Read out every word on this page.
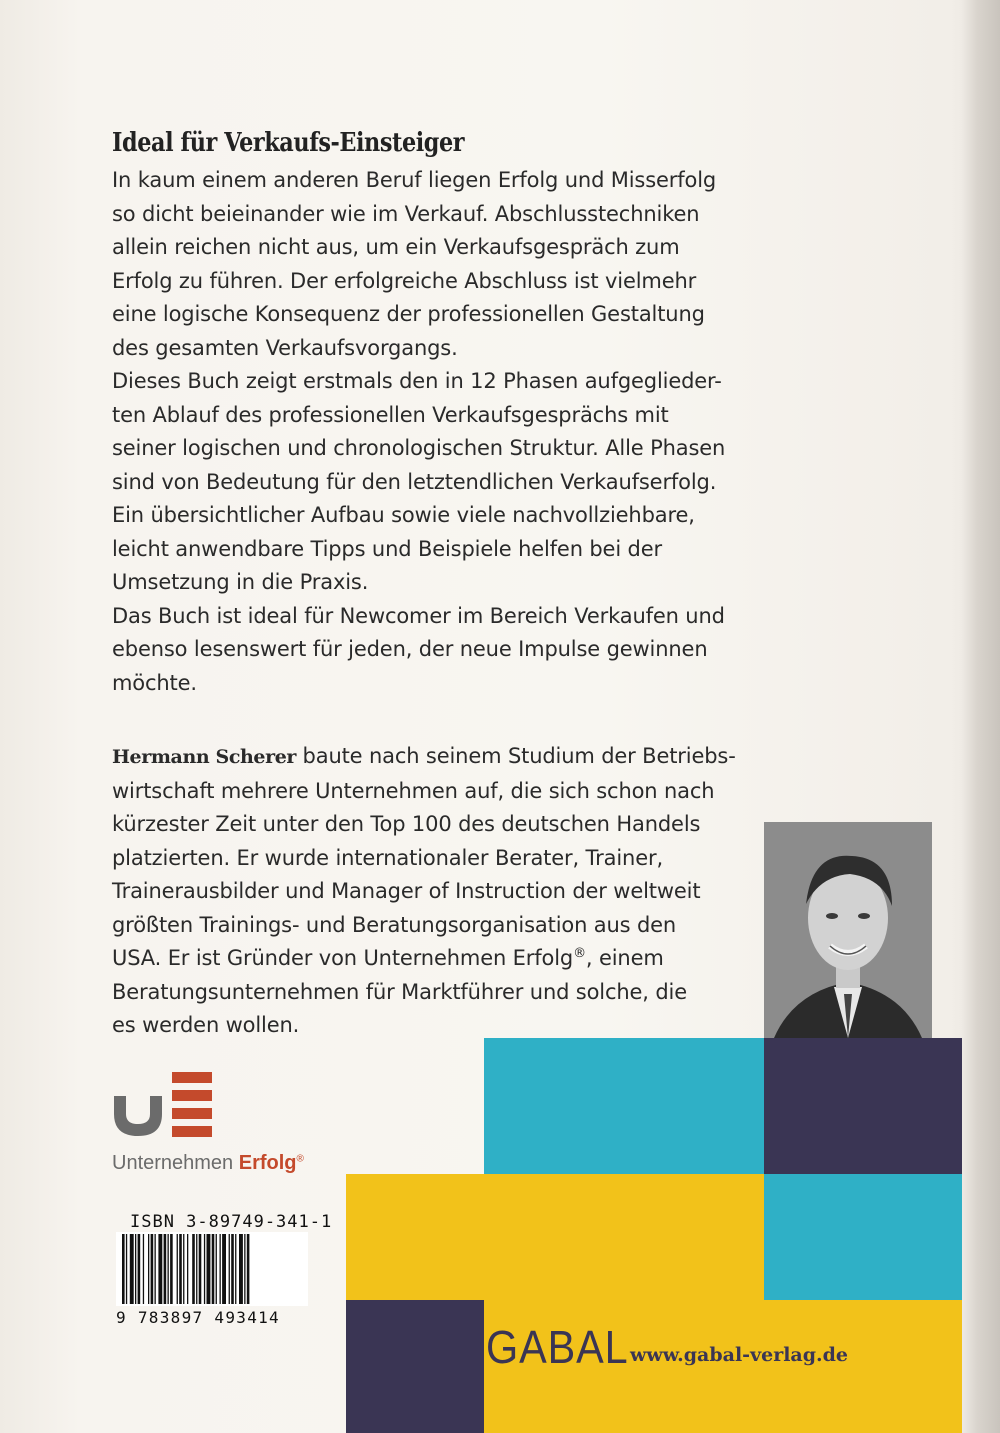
Ideal für Verkaufs-Einsteiger

In kaum einem anderen Beruf liegen Erfolg und Misserfolg
so dicht beieinander wie im Verkauf. Abschlusstechniken
allein reichen nicht aus, um ein Verkaufsgespräch zum
Erfolg zu führen. Der erfolgreiche Abschluss ist vielmehr
eine logische Konsequenz der professionellen Gestaltung
des gesamten Verkaufsvorgangs.
Dieses Buch zeigt erstmals den in 12 Phasen aufgeglieder-
ten Ablauf des professionellen Verkaufsgesprächs mit
seiner logischen und chronologischen Struktur. Alle Phasen
sind von Bedeutung für den letztendlichen Verkaufserfolg.
Ein übersichtlicher Aufbau sowie viele nachvollziehbare,
leicht anwendbare Tipps und Beispiele helfen bei der
Umsetzung in die Praxis.
Das Buch ist ideal für Newcomer im Bereich Verkaufen und
ebenso lesenswert für jeden, der neue Impulse gewinnen
möchte.

Hermann Scherer baute nach seinem Studium der Betriebs-
wirtschaft mehrere Unternehmen auf, die sich schon nach
kürzester Zeit unter den Top 100 des deutschen Handels
platzierten. Er wurde internationaler Berater, Trainer,
Trainerausbilder und Manager of Instruction der weltweit
größten Trainings- und Beratungsorganisation aus den
USA. Er ist Gründer von Unternehmen Erfolg®, einem
Beratungsunternehmen für Marktführer und solche, die
es werden wollen.

Unternehmen Erfolg®
ISBN 3-89749-341-1
9 783897 493414
GABAL www.gabal-verlag.de
